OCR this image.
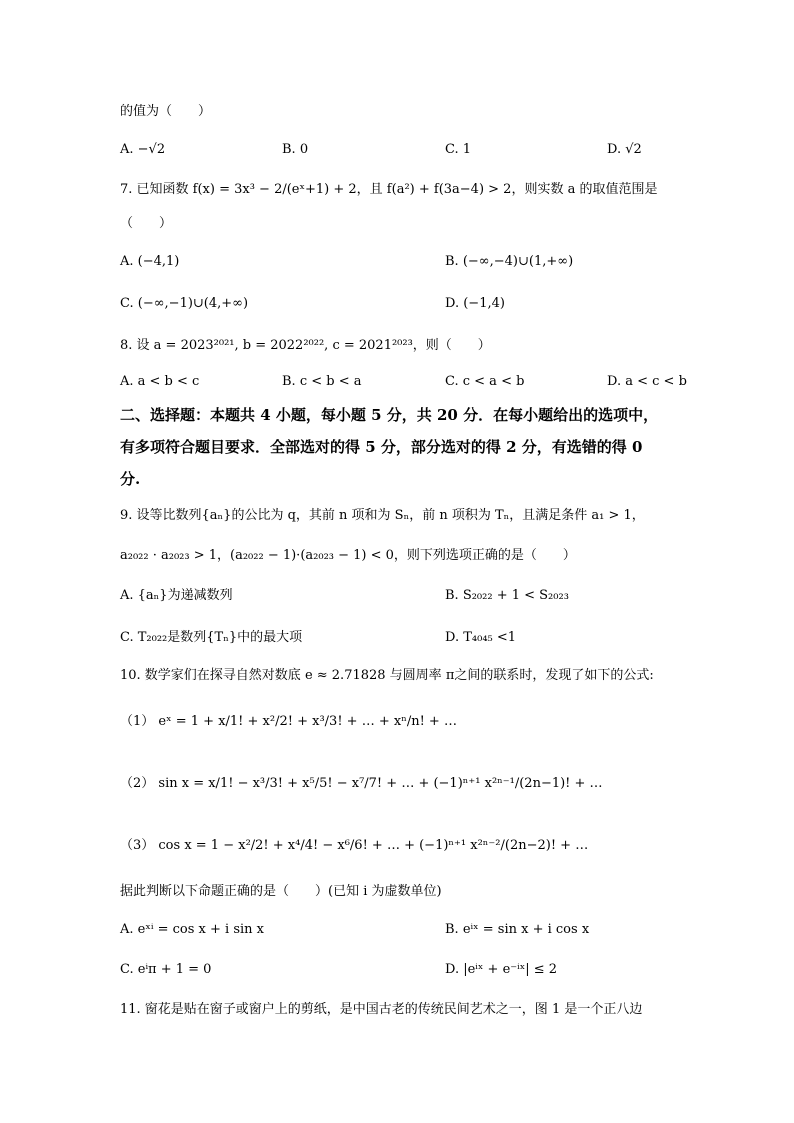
的值为（　　）
A. −√2	B. 0	C. 1	D. √2
7. 已知函数 f(x) = 3x³ − 2/(eˣ+1) + 2，且 f(a²) + f(3a−4) > 2，则实数 a 的取值范围是
（　　）
A. (−4,1)	B. (−∞,−4)∪(1,+∞)
C. (−∞,−1)∪(4,+∞)	D. (−1,4)
8. 设 a = 2023²⁰²¹, b = 2022²⁰²², c = 2021²⁰²³，则（　　）
A. a < b < c	B. c < b < a	C. c < a < b	D. a < c < b
二、选择题：本题共 4 小题，每小题 5 分，共 20 分．在每小题给出的选项中，
有多项符合题目要求．全部选对的得 5 分，部分选对的得 2 分，有选错的得 0
分.
9. 设等比数列{aₙ}的公比为 q，其前 n 项和为 Sₙ，前 n 项积为 Tₙ，且满足条件 a₁ > 1，
a₂₀₂₂ · a₂₀₂₃ > 1，(a₂₀₂₂ − 1)·(a₂₀₂₃ − 1) < 0，则下列选项正确的是（　　）
A. {aₙ}为递减数列	B. S₂₀₂₂ + 1 < S₂₀₂₃
C. T₂₀₂₂是数列{Tₙ}中的最大项	D. T₄₀₄₅ <1
10. 数学家们在探寻自然对数底 e ≈ 2.71828 与圆周率 π之间的联系时，发现了如下的公式:
（1） eˣ = 1 + x/1! + x²/2! + x³/3! + … + xⁿ/n! + …
（2） sin x = x/1! − x³/3! + x⁵/5! − x⁷/7! + … + (−1)ⁿ⁺¹ x²ⁿ⁻¹/(2n−1)! + …
（3） cos x = 1 − x²/2! + x⁴/4! − x⁶/6! + … + (−1)ⁿ⁺¹ x²ⁿ⁻²/(2n−2)! + …
据此判断以下命题正确的是（　　）(已知 i 为虚数单位)
A. eˣⁱ = cos x + i sin x	B. eⁱˣ = sin x + i cos x
C. eⁱπ + 1 = 0	D. |eⁱˣ + e⁻ⁱˣ| ≤ 2
11. 窗花是贴在窗子或窗户上的剪纸，是中国古老的传统民间艺术之一，图 1 是一个正八边
